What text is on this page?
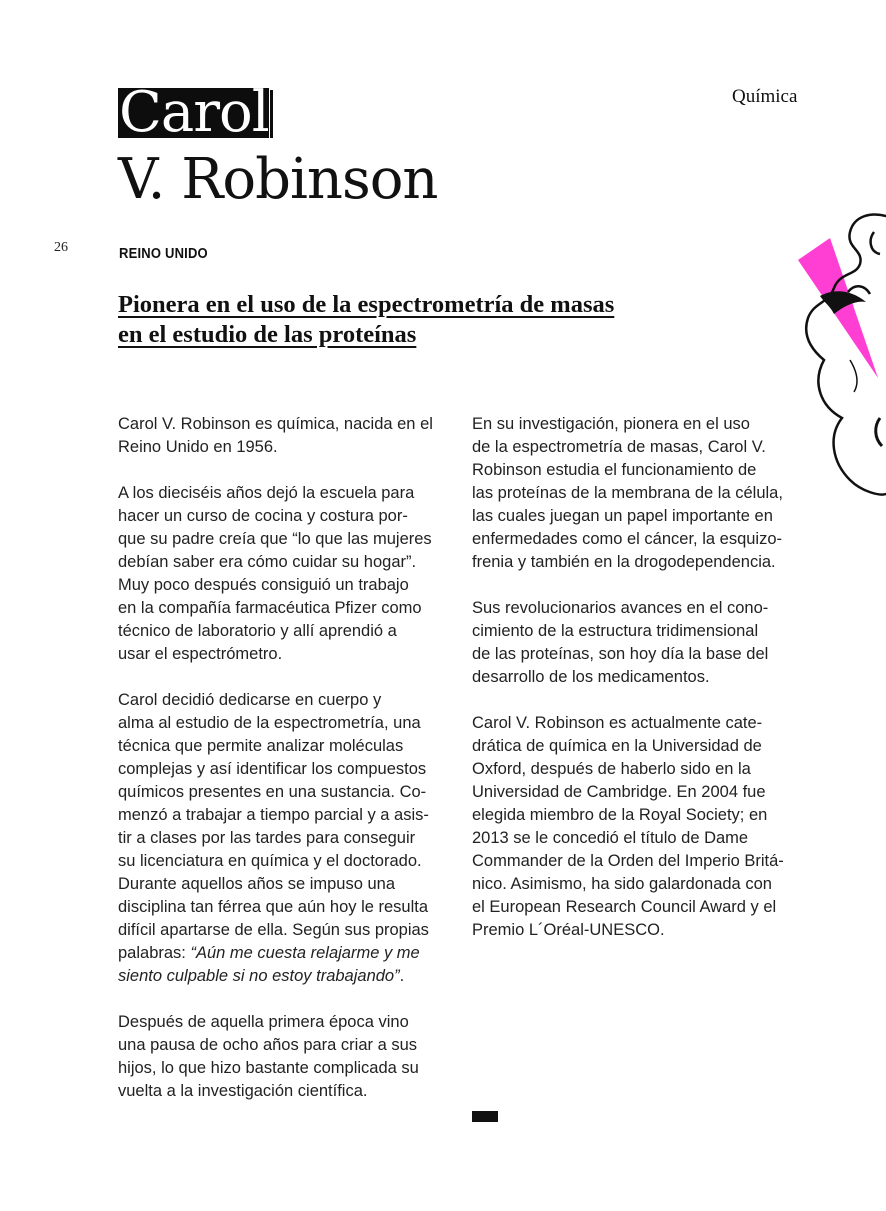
Química
Carol
V. Robinson
26	REINO UNIDO
Pionera en el uso de la espectrometría de masas
en el estudio de las proteínas

Carol V. Robinson es química, nacida en el
Reino Unido en 1956.

A los dieciséis años dejó la escuela para
hacer un curso de cocina y costura por-
que su padre creía que “lo que las mujeres
debían saber era cómo cuidar su hogar”.
Muy poco después consiguió un trabajo
en la compañía farmacéutica Pfizer como
técnico de laboratorio y allí aprendió a
usar el espectrómetro.

Carol decidió dedicarse en cuerpo y
alma al estudio de la espectrometría, una
técnica que permite analizar moléculas
complejas y así identificar los compuestos
químicos presentes en una sustancia. Co-
menzó a trabajar a tiempo parcial y a asis-
tir a clases por las tardes para conseguir
su licenciatura en química y el doctorado.
Durante aquellos años se impuso una
disciplina tan férrea que aún hoy le resulta
difícil apartarse de ella. Según sus propias
palabras: “Aún me cuesta relajarme y me
siento culpable si no estoy trabajando”.

Después de aquella primera época vino
una pausa de ocho años para criar a sus
hijos, lo que hizo bastante complicada su
vuelta a la investigación científica.

En su investigación, pionera en el uso
de la espectrometría de masas, Carol V.
Robinson estudia el funcionamiento de
las proteínas de la membrana de la célula,
las cuales juegan un papel importante en
enfermedades como el cáncer, la esquizo-
frenia y también en la drogodependencia.

Sus revolucionarios avances en el cono-
cimiento de la estructura tridimensional
de las proteínas, son hoy día la base del
desarrollo de los medicamentos.

Carol V. Robinson es actualmente cate-
drática de química en la Universidad de
Oxford, después de haberlo sido en la
Universidad de Cambridge. En 2004 fue
elegida miembro de la Royal Society; en
2013 se le concedió el título de Dame
Commander de la Orden del Imperio Britá-
nico. Asimismo, ha sido galardonada con
el European Research Council Award y el
Premio L´Oréal-UNESCO.
